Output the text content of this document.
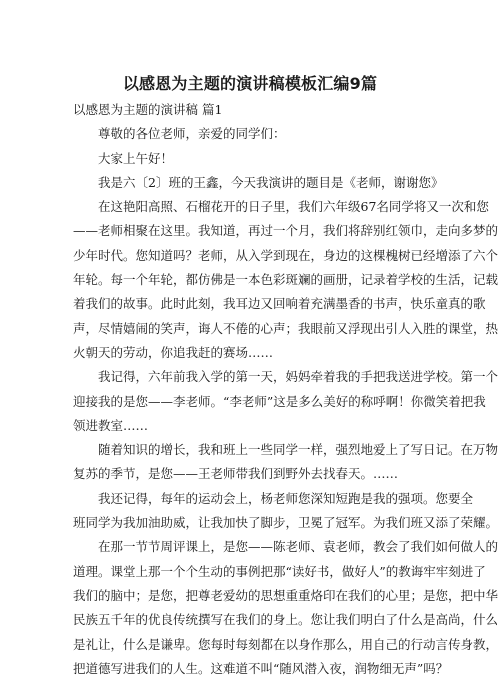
以感恩为主题的演讲稿模板汇编9篇
以感恩为主题的演讲稿 篇1
尊敬的各位老师，亲爱的同学们：
大家上午好！
我是六〔2〕班的王鑫，今天我演讲的题目是《老师，谢谢您》
在这艳阳高照、石榴花开的日子里，我们六年级67名同学将又一次和您
——老师相聚在这里。我知道，再过一个月，我们将辞别红领巾，走向多梦的
少年时代。您知道吗？老师，从入学到现在，身边的这棵槐树已经增添了六个
年轮。每一个年轮，都仿佛是一本色彩斑斓的画册，记录着学校的生活，记载
着我们的故事。此时此刻，我耳边又回响着充满墨香的书声，快乐童真的歌
声，尽情嬉闹的笑声，诲人不倦的心声；我眼前又浮现出引人入胜的课堂，热
火朝天的劳动，你追我赶的赛场……
我记得，六年前我入学的第一天，妈妈牵着我的手把我送进学校。第一个
迎接我的是您——李老师。“李老师”这是多么美好的称呼啊！你微笑着把我
领进教室……
随着知识的增长，我和班上一些同学一样，强烈地爱上了写日记。在万物
复苏的季节，是您——王老师带我们到野外去找春天。……
我还记得，每年的运动会上，杨老师您深知短跑是我的强项。您要全
班同学为我加油助威，让我加快了脚步，卫冕了冠军。为我们班又添了荣耀。
在那一节节周评课上，是您——陈老师、袁老师，教会了我们如何做人的
道理。课堂上那一个个生动的事例把那“读好书，做好人”的教诲牢牢刻进了
我们的脑中；是您，把尊老爱幼的思想重重烙印在我们的心里；是您，把中华
民族五千年的优良传统撰写在我们的身上。您让我们明白了什么是高尚，什么
是礼让，什么是谦卑。您每时每刻都在以身作那么，用自己的行动言传身教，
把道德写进我们的人生。这难道不叫“随风潜入夜，润物细无声”吗？
